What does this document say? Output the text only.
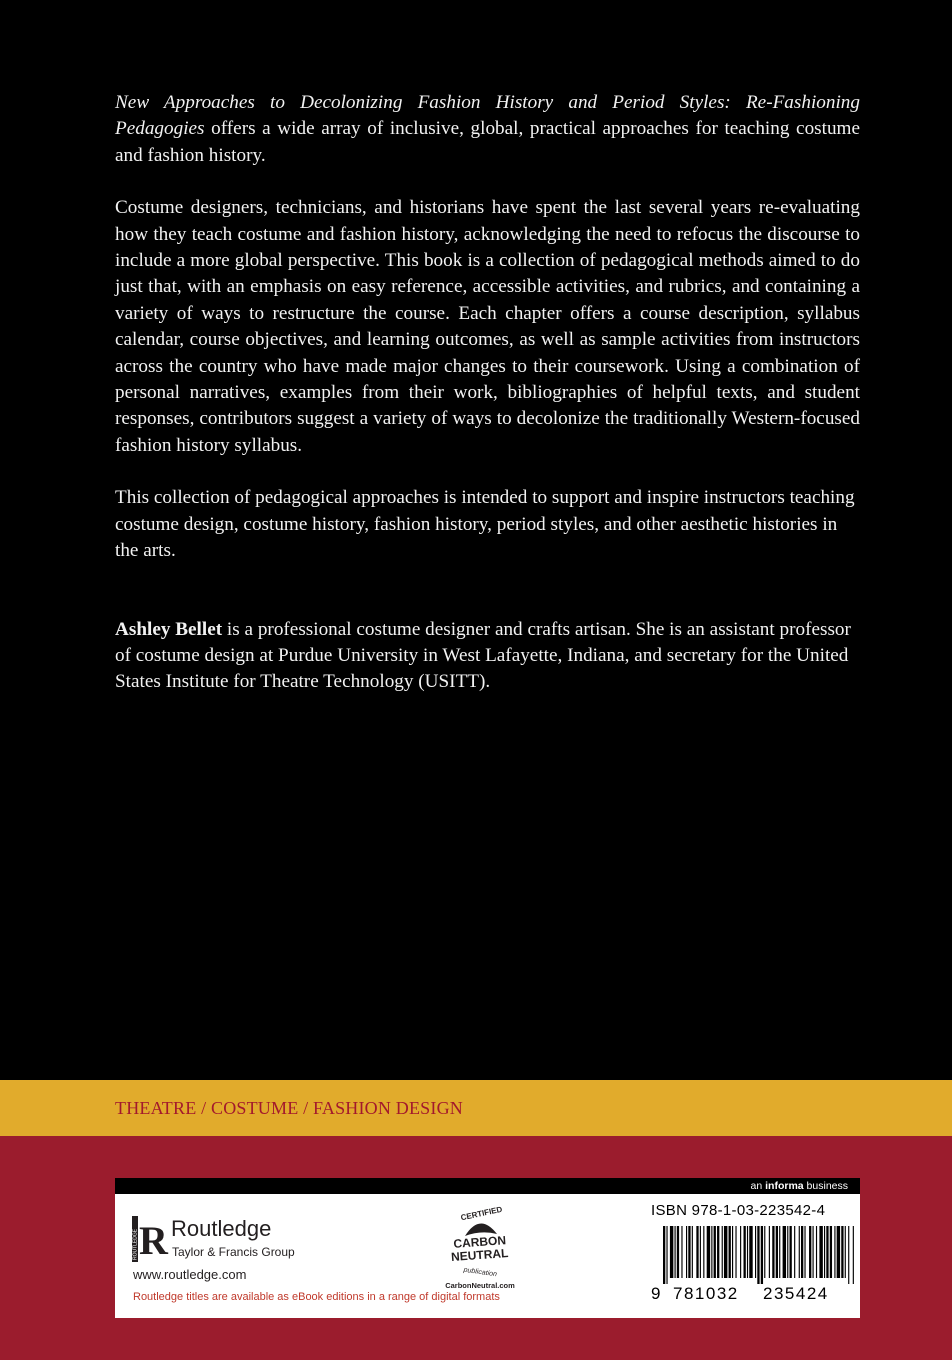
New Approaches to Decolonizing Fashion History and Period Styles: Re-Fashioning Pedagogies offers a wide array of inclusive, global, practical approaches for teaching costume and fashion history.

Costume designers, technicians, and historians have spent the last several years re-evaluating how they teach costume and fashion history, acknowledging the need to refocus the discourse to include a more global perspective. This book is a collection of pedagogical methods aimed to do just that, with an emphasis on easy reference, accessible activities, and rubrics, and containing a variety of ways to restructure the course. Each chapter offers a course description, syllabus calendar, course objectives, and learning outcomes, as well as sample activities from instructors across the country who have made major changes to their coursework. Using a combination of personal narratives, examples from their work, bibliographies of helpful texts, and student responses, contributors suggest a variety of ways to decolonize the traditionally Western-focused fashion history syllabus.

This collection of pedagogical approaches is intended to support and inspire instructors teaching costume design, costume history, fashion history, period styles, and other aesthetic histories in the arts.

Ashley Bellet is a professional costume designer and crafts artisan. She is an assistant professor of costume design at Purdue University in West Lafayette, Indiana, and secretary for the United States Institute for Theatre Technology (USITT).

THEATRE / COSTUME / FASHION DESIGN
an informa business
ROUTLEDGE R Routledge
Taylor & Francis Group
www.routledge.com
Routledge titles are available as eBook editions in a range of digital formats
CERTIFIED
CARBON
NEUTRAL
publication
CarbonNeutral.com
ISBN 978-1-03-223542-4
9 781032 235424
